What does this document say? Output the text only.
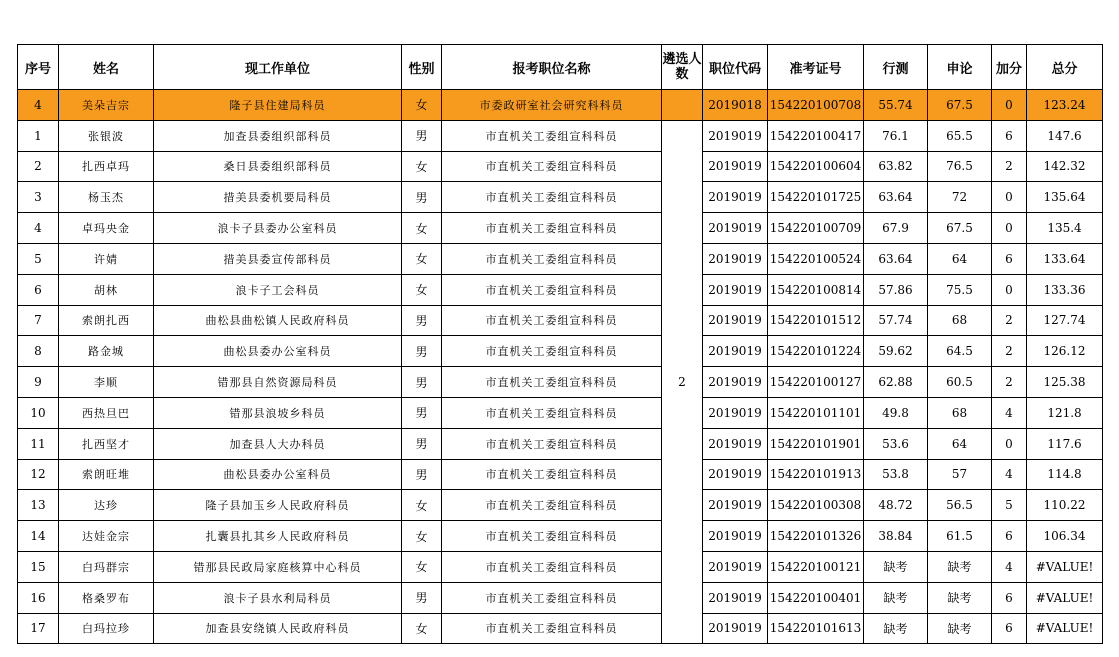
序号	姓名	现工作单位	性别	报考职位名称	遴选人数	职位代码	准考证号	行测	申论	加分	总分
4	美朵吉宗	隆子县住建局科员	女	市委政研室社会研究科科员		2019018	154220100708	55.74	67.5	0	123.24
1	张银波	加查县委组织部科员	男	市直机关工委组宣科科员	2	2019019	154220100417	76.1	65.5	6	147.6
2	扎西卓玛	桑日县委组织部科员	女	市直机关工委组宣科科员		2019019	154220100604	63.82	76.5	2	142.32
3	杨玉杰	措美县委机要局科员	男	市直机关工委组宣科科员		2019019	154220101725	63.64	72	0	135.64
4	卓玛央金	浪卡子县委办公室科员	女	市直机关工委组宣科科员		2019019	154220100709	67.9	67.5	0	135.4
5	许婧	措美县委宣传部科员	女	市直机关工委组宣科科员		2019019	154220100524	63.64	64	6	133.64
6	胡林	浪卡子工会科员	女	市直机关工委组宣科科员		2019019	154220100814	57.86	75.5	0	133.36
7	索朗扎西	曲松县曲松镇人民政府科员	男	市直机关工委组宣科科员		2019019	154220101512	57.74	68	2	127.74
8	路金城	曲松县委办公室科员	男	市直机关工委组宣科科员		2019019	154220101224	59.62	64.5	2	126.12
9	李顺	错那县自然资源局科员	男	市直机关工委组宣科科员		2019019	154220100127	62.88	60.5	2	125.38
10	西热旦巴	错那县浪坡乡科员	男	市直机关工委组宣科科员		2019019	154220101101	49.8	68	4	121.8
11	扎西坚才	加查县人大办科员	男	市直机关工委组宣科科员		2019019	154220101901	53.6	64	0	117.6
12	索朗旺堆	曲松县委办公室科员	男	市直机关工委组宣科科员		2019019	154220101913	53.8	57	4	114.8
13	达珍	隆子县加玉乡人民政府科员	女	市直机关工委组宣科科员		2019019	154220100308	48.72	56.5	5	110.22
14	达娃金宗	扎囊县扎其乡人民政府科员	女	市直机关工委组宣科科员		2019019	154220101326	38.84	61.5	6	106.34
15	白玛群宗	错那县民政局家庭核算中心科员	女	市直机关工委组宣科科员		2019019	154220100121	缺考	缺考	4	#VALUE!
16	格桑罗布	浪卡子县水利局科员	男	市直机关工委组宣科科员		2019019	154220100401	缺考	缺考	6	#VALUE!
17	白玛拉珍	加查县安绕镇人民政府科员	女	市直机关工委组宣科科员		2019019	154220101613	缺考	缺考	6	#VALUE!
